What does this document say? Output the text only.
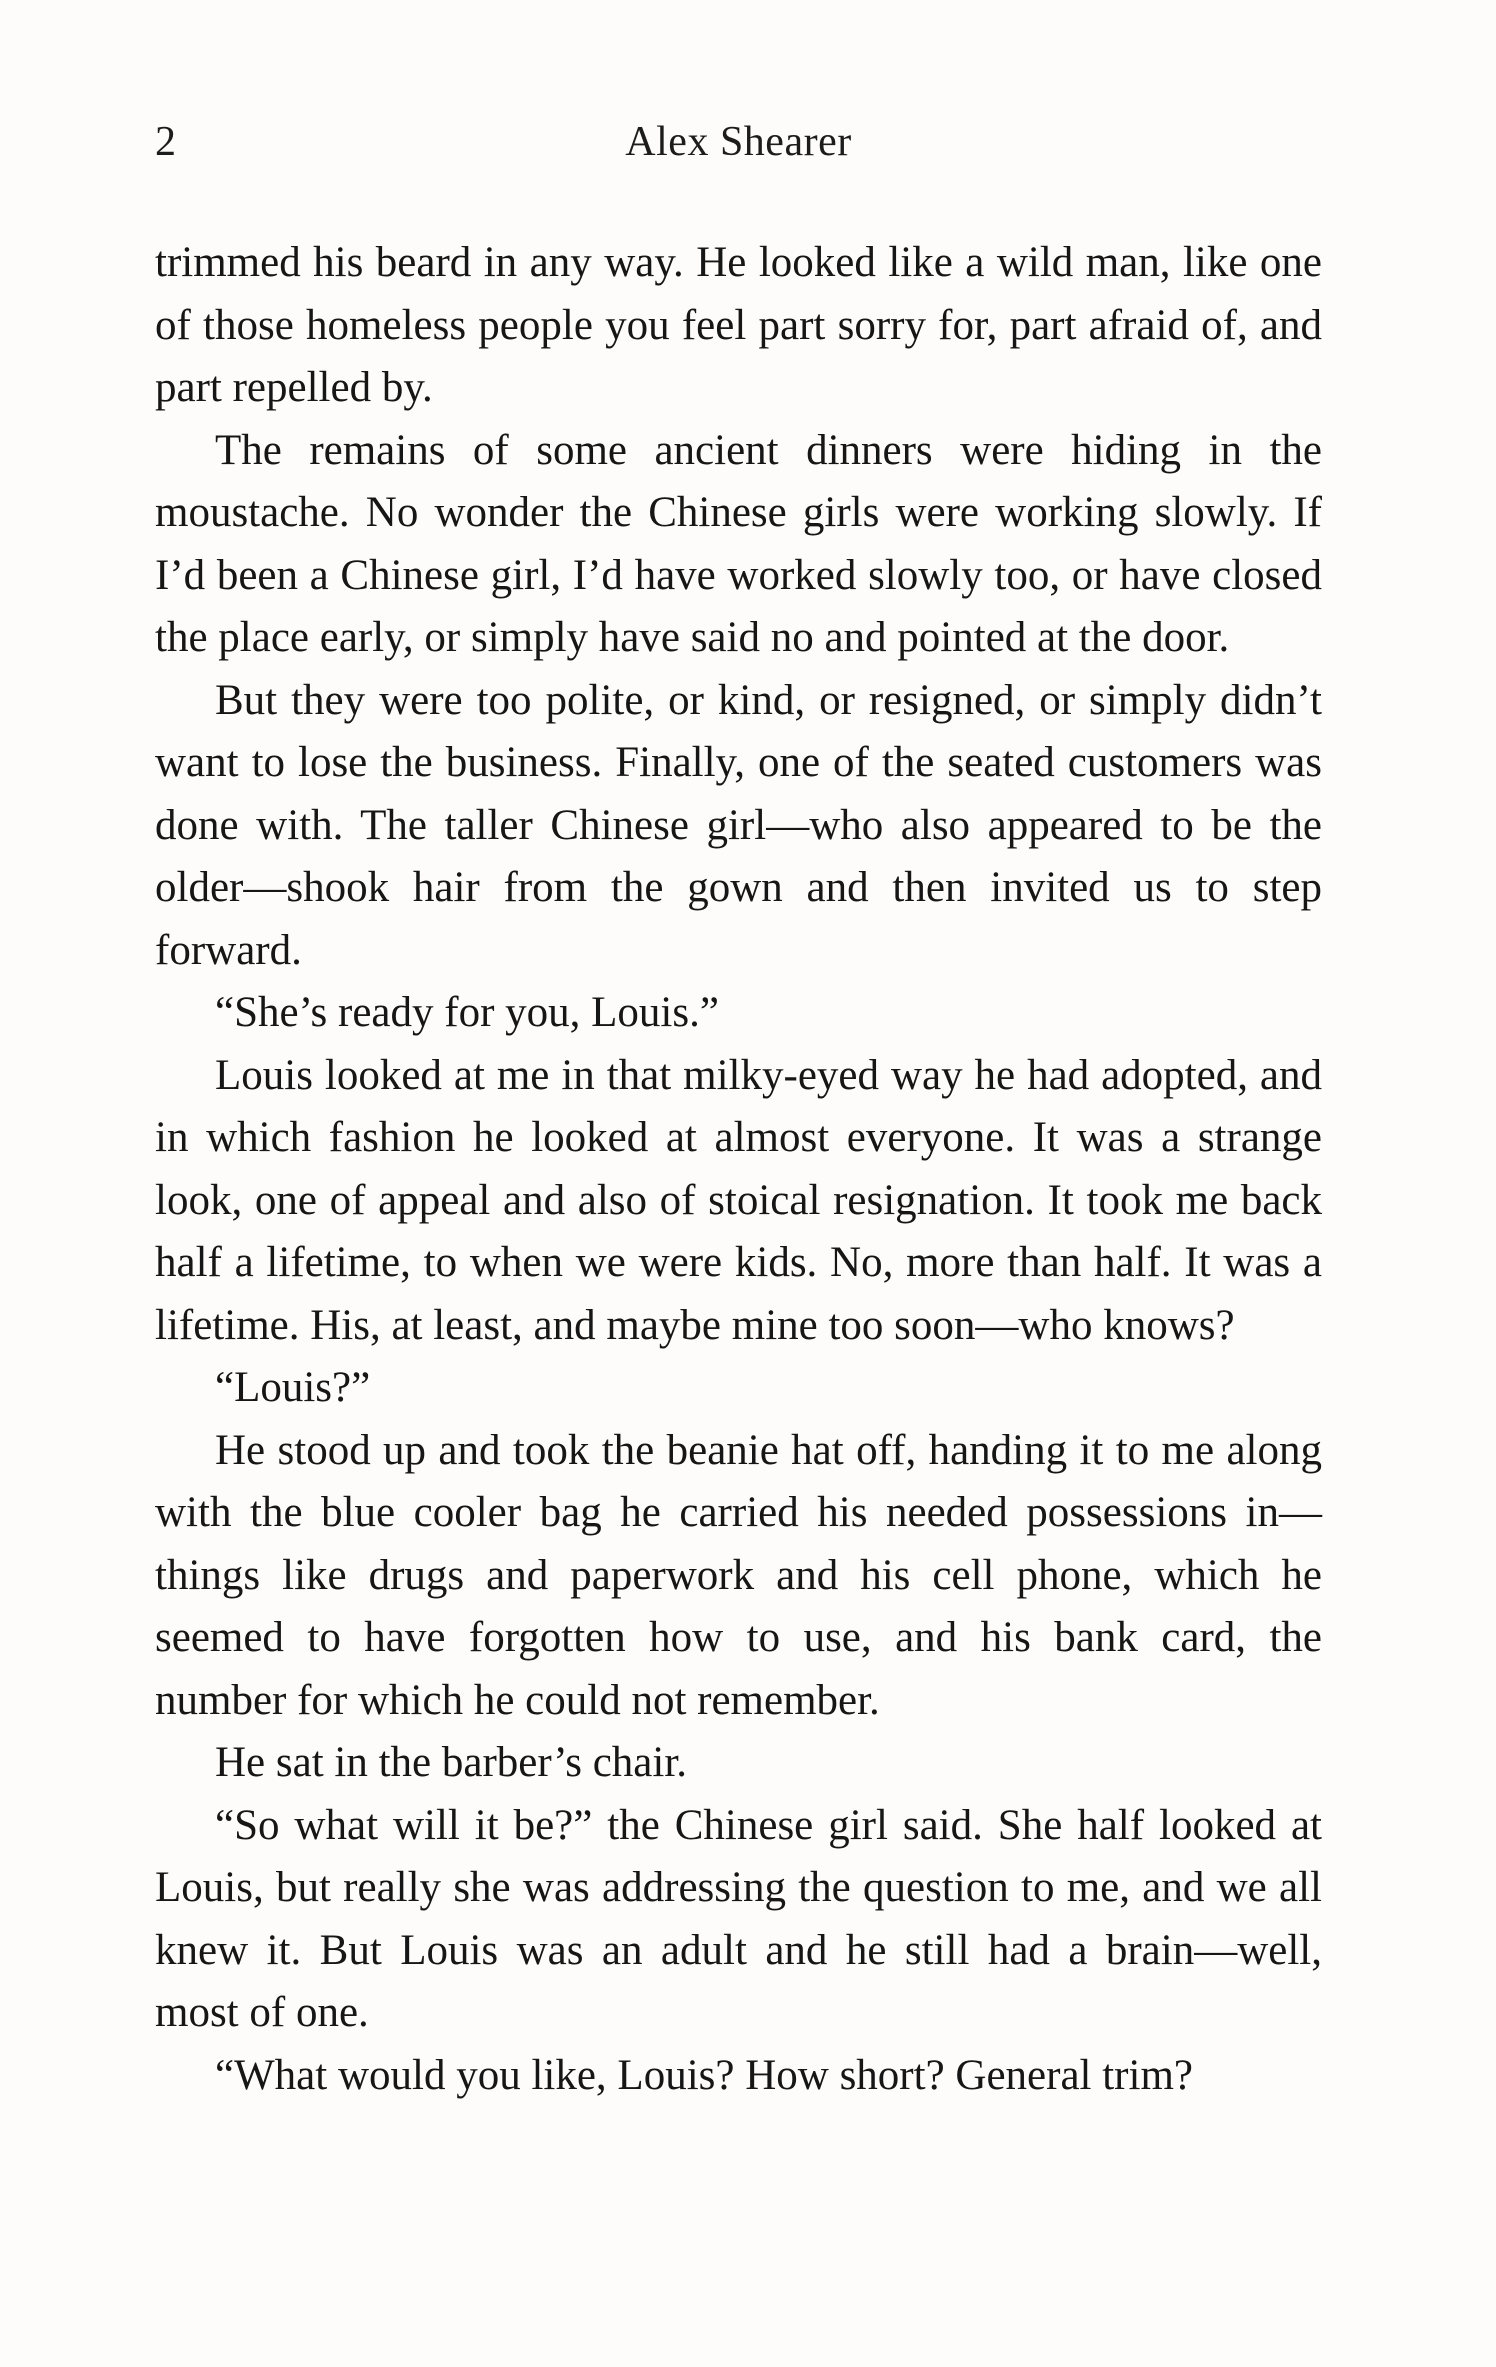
2	Alex Shearer

trimmed his beard in any way. He looked like a wild man, like one of those homeless people you feel part sorry for, part afraid of, and part repelled by.

The remains of some ancient dinners were hiding in the moustache. No wonder the Chinese girls were working slowly. If I’d been a Chinese girl, I’d have worked slowly too, or have closed the place early, or simply have said no and pointed at the door.

But they were too polite, or kind, or resigned, or simply didn’t want to lose the business. Finally, one of the seated customers was done with. The taller Chinese girl—who also appeared to be the older—shook hair from the gown and then invited us to step forward.

“She’s ready for you, Louis.”

Louis looked at me in that milky-eyed way he had adopted, and in which fashion he looked at almost everyone. It was a strange look, one of appeal and also of stoical resignation. It took me back half a lifetime, to when we were kids. No, more than half. It was a lifetime. His, at least, and maybe mine too soon—who knows?

“Louis?”

He stood up and took the beanie hat off, handing it to me along with the blue cooler bag he carried his needed possessions in—things like drugs and paperwork and his cell phone, which he seemed to have forgotten how to use, and his bank card, the number for which he could not remember.

He sat in the barber’s chair.

“So what will it be?” the Chinese girl said. She half looked at Louis, but really she was addressing the question to me, and we all knew it. But Louis was an adult and he still had a brain—well, most of one.

“What would you like, Louis? How short? General trim?
